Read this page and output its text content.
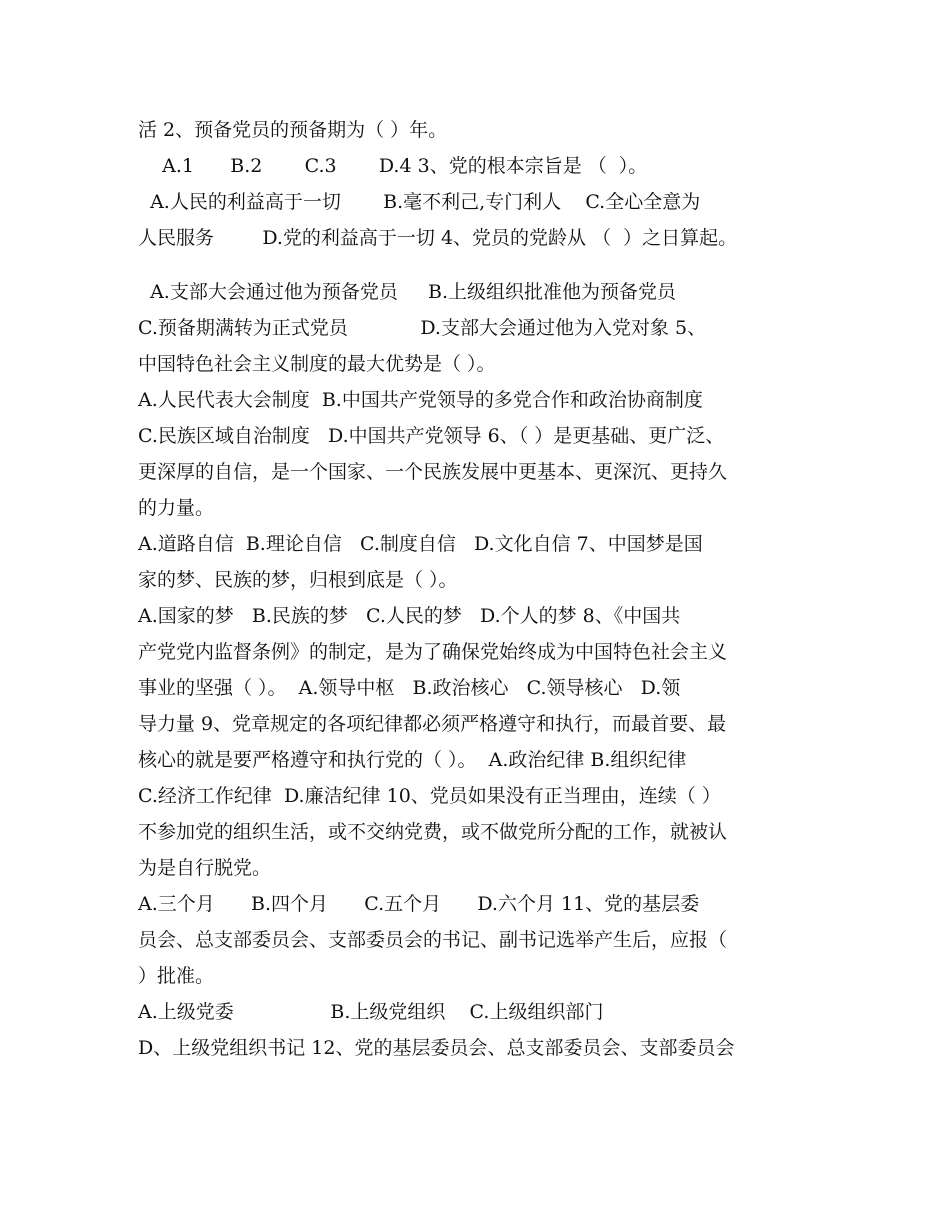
活 2、预备党员的预备期为（ ）年。
A.1      B.2       C.3       D.4 3、党的根本宗旨是 （  ）。
A.人民的利益高于一切       B.毫不利己,专门利人    C.全心全意为
人民服务        D.党的利益高于一切 4、党员的党龄从 （  ）之日算起。
A.支部大会通过他为预备党员     B.上级组织批准他为预备党员
C.预备期满转为正式党员            D.支部大会通过他为入党对象 5、
中国特色社会主义制度的最大优势是（ ）。
A.人民代表大会制度  B.中国共产党领导的多党合作和政治协商制度
C.民族区域自治制度   D.中国共产党领导 6、（ ）是更基础、更广泛、
更深厚的自信，是一个国家、一个民族发展中更基本、更深沉、更持久
的力量。
A.道路自信  B.理论自信   C.制度自信   D.文化自信 7、中国梦是国
家的梦、民族的梦，归根到底是（ ）。
A.国家的梦   B.民族的梦   C.人民的梦   D.个人的梦 8、《中国共
产党党内监督条例》的制定，是为了确保党始终成为中国特色社会主义
事业的坚强（ ）。  A.领导中枢   B.政治核心   C.领导核心   D.领
导力量 9、党章规定的各项纪律都必须严格遵守和执行，而最首要、最
核心的就是要严格遵守和执行党的（ ）。  A.政治纪律 B.组织纪律
C.经济工作纪律  D.廉洁纪律 10、党员如果没有正当理由，连续（ ）
不参加党的组织生活，或不交纳党费，或不做党所分配的工作，就被认
为是自行脱党。
A.三个月      B.四个月      C.五个月      D.六个月 11、党的基层委
员会、总支部委员会、支部委员会的书记、副书记选举产生后，应报（
）批准。
A.上级党委                B.上级党组织    C.上级组织部门
D、上级党组织书记 12、党的基层委员会、总支部委员会、支部委员会
